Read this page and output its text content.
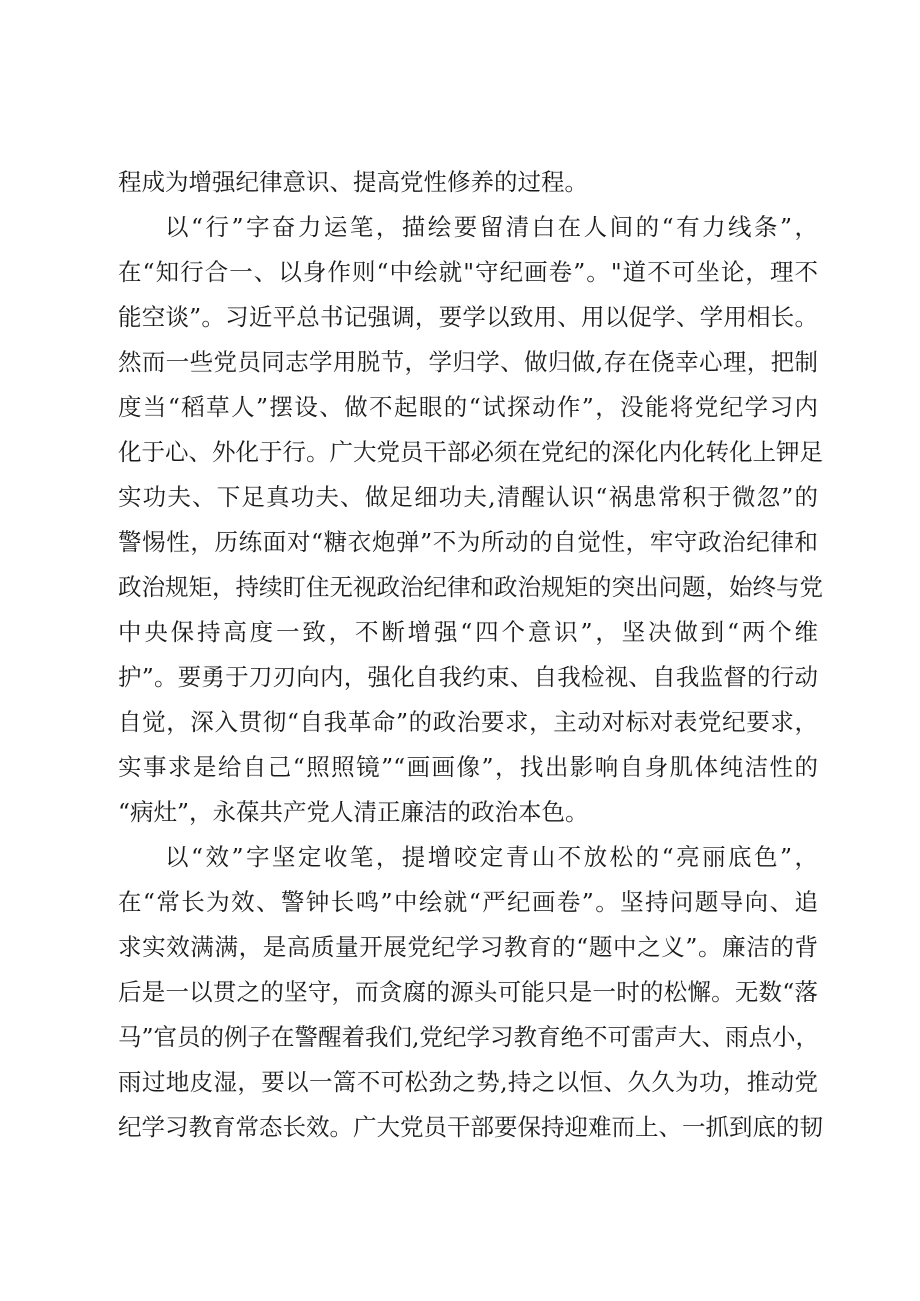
程成为增强纪律意识、提高党性修养的过程。
以“行”字奋力运笔，描绘要留清白在人间的“有力线条”，
在“知行合一、以身作则“中绘就"守纪画卷”。"道不可坐论，理不
能空谈”。习近平总书记强调，要学以致用、用以促学、学用相长。
然而一些党员同志学用脱节，学归学、做归做,存在侥幸心理，把制
度当“稻草人”摆设、做不起眼的“试探动作”，没能将党纪学习内
化于心、外化于行。广大党员干部必须在党纪的深化内化转化上钾足
实功夫、下足真功夫、做足细功夫,清醒认识“祸患常积于微忽”的
警惕性，历练面对“糖衣炮弹”不为所动的自觉性，牢守政治纪律和
政治规矩，持续盯住无视政治纪律和政治规矩的突出问题，始终与党
中央保持高度一致，不断增强“四个意识”，坚决做到“两个维
护”。要勇于刀刃向内，强化自我约束、自我检视、自我监督的行动
自觉，深入贯彻“自我革命”的政治要求，主动对标对表党纪要求，
实事求是给自己“照照镜”“画画像”，找出影响自身肌体纯洁性的
“病灶”，永葆共产党人清正廉洁的政治本色。
以“效”字坚定收笔，提增咬定青山不放松的“亮丽底色”，
在“常长为效、警钟长鸣”中绘就“严纪画卷”。坚持问题导向、追
求实效满满，是高质量开展党纪学习教育的“题中之义”。廉洁的背
后是一以贯之的坚守，而贪腐的源头可能只是一时的松懈。无数“落
马”官员的例子在警醒着我们,党纪学习教育绝不可雷声大、雨点小，
雨过地皮湿，要以一篙不可松劲之势,持之以恒、久久为功，推动党
纪学习教育常态长效。广大党员干部要保持迎难而上、一抓到底的韧
